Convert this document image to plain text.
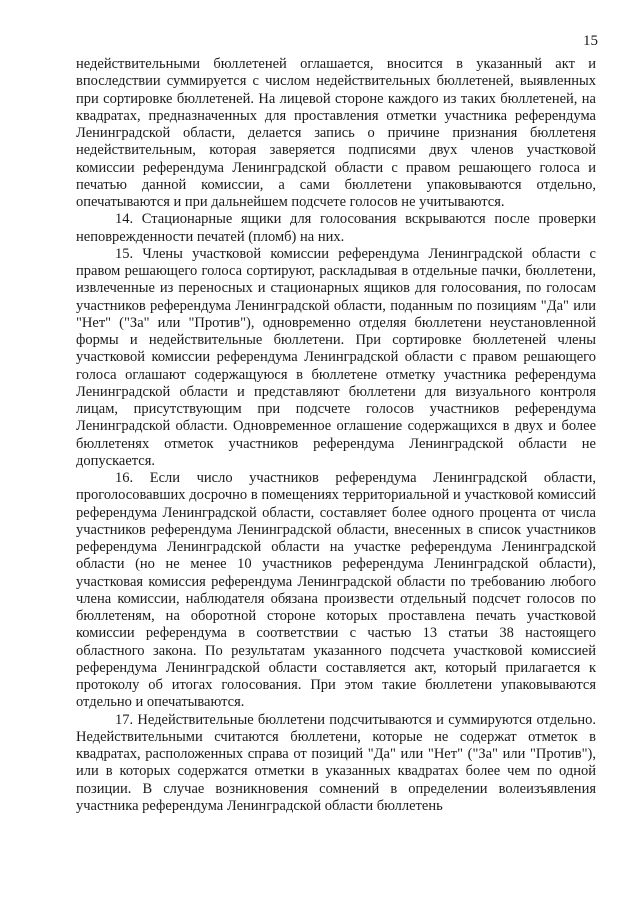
15

недействительными бюллетеней оглашается, вносится в указанный акт и впоследствии суммируется с числом недействительных бюллетеней, выявленных при сортировке бюллетеней. На лицевой стороне каждого из таких бюллетеней, на квадратах, предназначенных для проставления отметки участника референдума Ленинградской области, делается запись о причине признания бюллетеня недействительным, которая заверяется подписями двух членов участковой комиссии референдума Ленинградской области с правом решающего голоса и печатью данной комиссии, а сами бюллетени упаковываются отдельно, опечатываются и при дальнейшем подсчете голосов не учитываются.

14. Стационарные ящики для голосования вскрываются после проверки неповрежденности печатей (пломб) на них.

15. Члены участковой комиссии референдума Ленинградской области с правом решающего голоса сортируют, раскладывая в отдельные пачки, бюллетени, извлеченные из переносных и стационарных ящиков для голосования, по голосам участников референдума Ленинградской области, поданным по позициям "Да" или "Нет" ("За" или "Против"), одновременно отделяя бюллетени неустановленной формы и недействительные бюллетени. При сортировке бюллетеней члены участковой комиссии референдума Ленинградской области с правом решающего голоса оглашают содержащуюся в бюллетене отметку участника референдума Ленинградской области и представляют бюллетени для визуального контроля лицам, присутствующим при подсчете голосов участников референдума Ленинградской области. Одновременное оглашение содержащихся в двух и более бюллетенях отметок участников референдума Ленинградской области не допускается.

16. Если число участников референдума Ленинградской области, проголосовавших досрочно в помещениях территориальной и участковой комиссий референдума Ленинградской области, составляет более одного процента от числа участников референдума Ленинградской области, внесенных в список участников референдума Ленинградской области на участке референдума Ленинградской области (но не менее 10 участников референдума Ленинградской области), участковая комиссия референдума Ленинградской области по требованию любого члена комиссии, наблюдателя обязана произвести отдельный подсчет голосов по бюллетеням, на оборотной стороне которых проставлена печать участковой комиссии референдума в соответствии с частью 13 статьи 38 настоящего областного закона. По результатам указанного подсчета участковой комиссией референдума Ленинградской области составляется акт, который прилагается к протоколу об итогах голосования. При этом такие бюллетени упаковываются отдельно и опечатываются.

17. Недействительные бюллетени подсчитываются и суммируются отдельно. Недействительными считаются бюллетени, которые не содержат отметок в квадратах, расположенных справа от позиций "Да" или "Нет" ("За" или "Против"), или в которых содержатся отметки в указанных квадратах более чем по одной позиции. В случае возникновения сомнений в определении волеизъявления участника референдума Ленинградской области бюллетень
